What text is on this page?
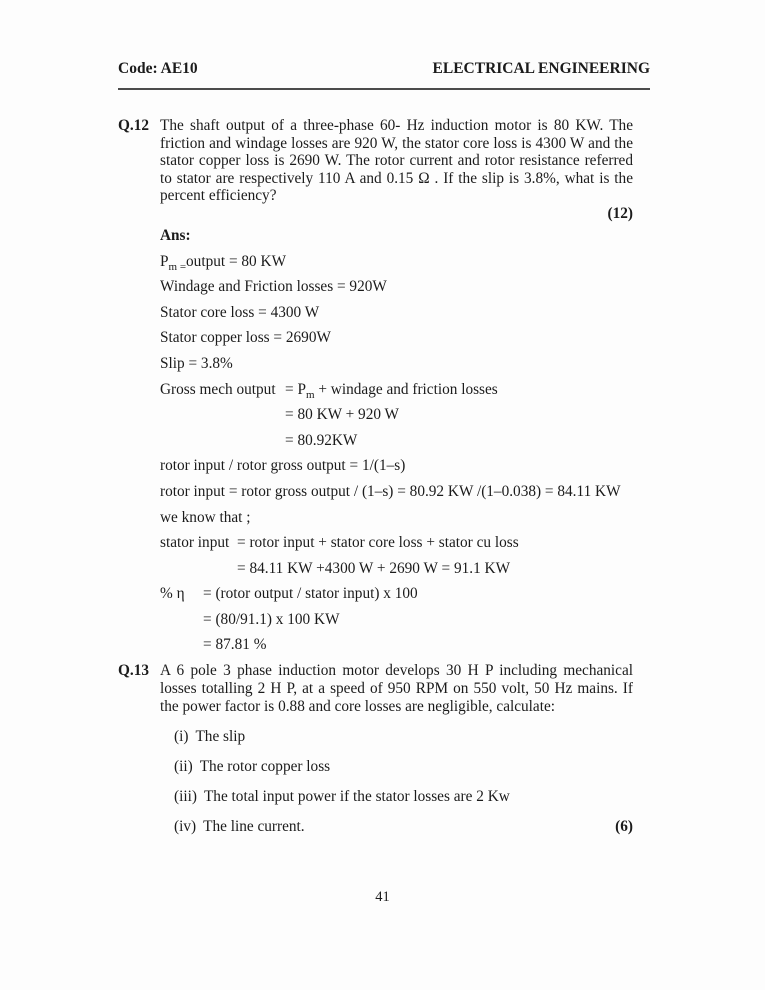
Code: AE10	ELECTRICAL ENGINEERING
Q.12 The shaft output of a three-phase 60- Hz induction motor is 80 KW. The friction and windage losses are 920 W, the stator core loss is 4300 W and the stator copper loss is 2690 W. The rotor current and rotor resistance referred to stator are respectively 110 A and 0.15 Ω . If the slip is 3.8%, what is the percent efficiency?

(12)
Ans:
$P_{m =}output = 80$ KW
Windage and Friction losses = 920W
Stator core loss = 4300 W
Stator copper loss = 2690W
Slip = 3.8%
Gross mech output = $P_m$ + windage and friction losses
= 80 KW + 920 W
= 80.92KW
rotor input / rotor gross output = 1/(1–s)
rotor input = rotor gross output / (1–s) = 80.92 KW /(1–0.038) = 84.11 KW
we know that ;
stator input = rotor input + stator core loss + stator cu loss
= 84.11 KW +4300 W + 2690 W = 91.1 KW
% η	= (rotor output / stator input) x 100
= (80/91.1) x 100 KW
= 87.81 %
Q.13 A 6 pole 3 phase induction motor develops 30 H P including mechanical losses totalling 2 H P, at a speed of 950 RPM on 550 volt, 50 Hz mains. If the power factor is 0.88 and core losses are negligible, calculate:

(i) The slip
(ii) The rotor copper loss
(iii) The total input power if the stator losses are 2 Kw
(iv) The line current.	(6)
41
